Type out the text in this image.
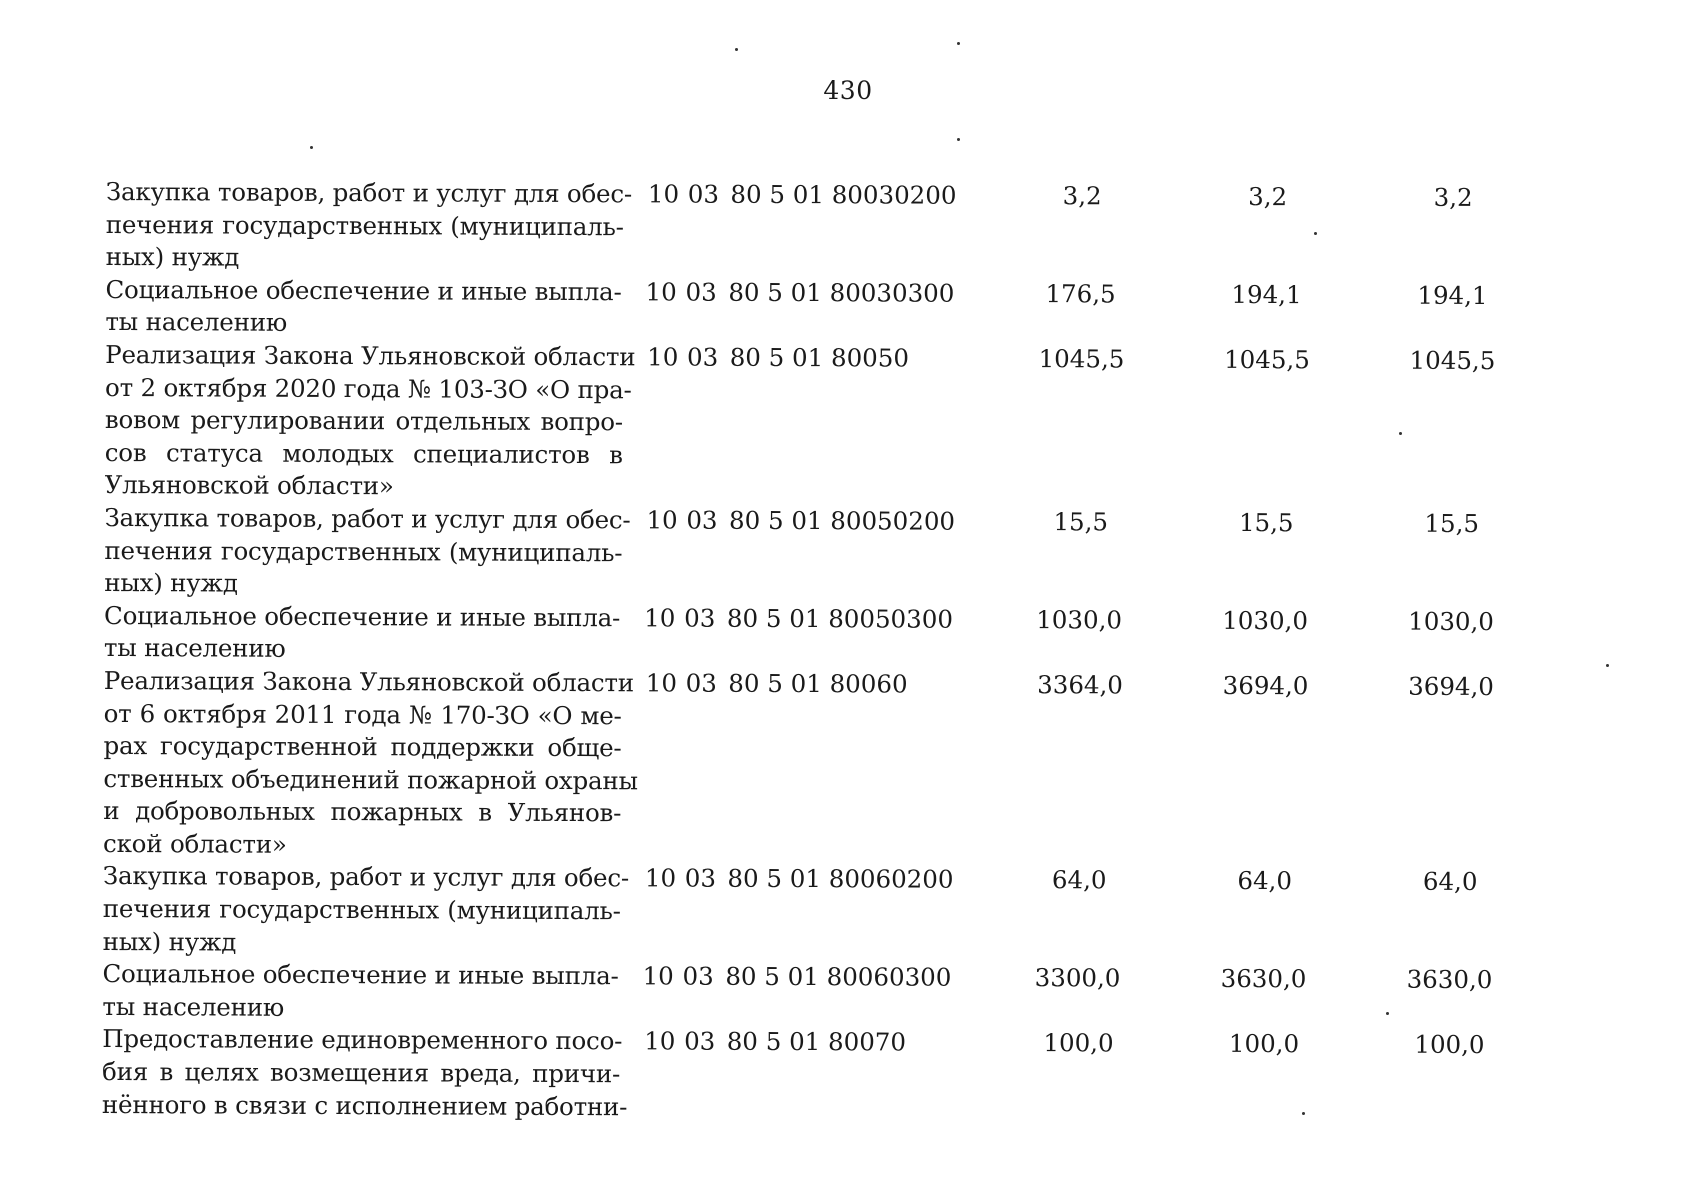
430
Закупка товаров, работ и услуг для обес-
печения государственных (муниципаль-
ных) нужд
10 03 80 5 01 80030 200	3,2	3,2	3,2
Социальное обеспечение и иные выпла-
ты населению
10 03 80 5 01 80030 300	176,5	194,1	194,1
Реализация Закона Ульяновской области
от 2 октября 2020 года № 103-ЗО «О пра-
вовом регулировании отдельных вопро-
сов статуса молодых специалистов в
Ульяновской области»
10 03 80 5 01 80050	1045,5	1045,5	1045,5
Закупка товаров, работ и услуг для обес-
печения государственных (муниципаль-
ных) нужд
10 03 80 5 01 80050 200	15,5	15,5	15,5
Социальное обеспечение и иные выпла-
ты населению
10 03 80 5 01 80050 300	1030,0	1030,0	1030,0
Реализация Закона Ульяновской области
от 6 октября 2011 года № 170-ЗО «О ме-
рах государственной поддержки обще-
ственных объединений пожарной охраны
и добровольных пожарных в Ульянов-
ской области»
10 03 80 5 01 80060	3364,0	3694,0	3694,0
Закупка товаров, работ и услуг для обес-
печения государственных (муниципаль-
ных) нужд
10 03 80 5 01 80060 200	64,0	64,0	64,0
Социальное обеспечение и иные выпла-
ты населению
10 03 80 5 01 80060 300	3300,0	3630,0	3630,0
Предоставление единовременного посо-
бия в целях возмещения вреда, причи-
нённого в связи с исполнением работни-
10 03 80 5 01 80070	100,0	100,0	100,0
